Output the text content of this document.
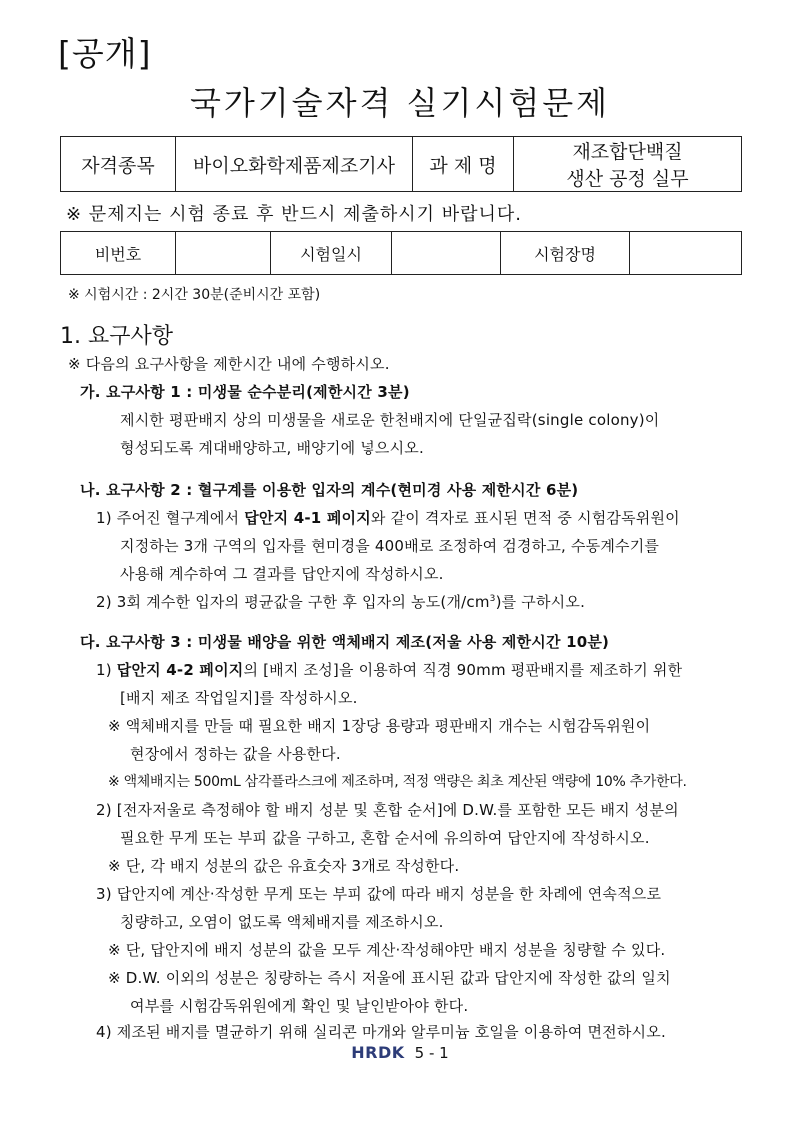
[공개]
국가기술자격 실기시험문제
자격종목	바이오화학제품제조기사	과 제 명	
재조합단백질
생산 공정 실무
※ 문제지는 시험 종료 후 반드시 제출하시기 바랍니다.
비번호		시험일시		시험장명	
※ 시험시간 : 2시간 30분(준비시간 포함)
1. 요구사항
※ 다음의 요구사항을 제한시간 내에 수행하시오.
가. 요구사항 1 : 미생물 순수분리(제한시간 3분)
제시한 평판배지 상의 미생물을 새로운 한천배지에 단일균집락(single colony)이
형성되도록 계대배양하고, 배양기에 넣으시오.
나. 요구사항 2 : 혈구계를 이용한 입자의 계수(현미경 사용 제한시간 6분)
1) 주어진 혈구계에서 답안지 4-1 페이지와 같이 격자로 표시된 면적 중 시험감독위원이
지정하는 3개 구역의 입자를 현미경을 400배로 조정하여 검경하고, 수동계수기를
사용해 계수하여 그 결과를 답안지에 작성하시오.
2) 3회 계수한 입자의 평균값을 구한 후 입자의 농도(개$/cm^3$)를 구하시오.
다. 요구사항 3 : 미생물 배양을 위한 액체배지 제조(저울 사용 제한시간 10분)
1) 답안지 4-2 페이지의 [배지 조성]을 이용하여 직경 90mm 평판배지를 제조하기 위한
[배지 제조 작업일지]를 작성하시오.
※ 액체배지를 만들 때 필요한 배지 1장당 용량과 평판배지 개수는 시험감독위원이
현장에서 정하는 값을 사용한다.
※ 액체배지는 500mL 삼각플라스크에 제조하며, 적정 액량은 최초 계산된 액량에 10% 추가한다.
2) [전자저울로 측정해야 할 배지 성분 및 혼합 순서]에 D.W.를 포함한 모든 배지 성분의
필요한 무게 또는 부피 값을 구하고, 혼합 순서에 유의하여 답안지에 작성하시오.
※ 단, 각 배지 성분의 값은 유효숫자 3개로 작성한다.
3) 답안지에 계산·작성한 무게 또는 부피 값에 따라 배지 성분을 한 차례에 연속적으로
칭량하고, 오염이 없도록 액체배지를 제조하시오.
※ 단, 답안지에 배지 성분의 값을 모두 계산·작성해야만 배지 성분을 칭량할 수 있다.
※ D.W. 이외의 성분은 칭량하는 즉시 저울에 표시된 값과 답안지에 작성한 값의 일치
여부를 시험감독위원에게 확인 및 날인받아야 한다.
4) 제조된 배지를 멸균하기 위해 실리콘 마개와 알루미늄 호일을 이용하여 면전하시오.
HRDK 5 - 1
